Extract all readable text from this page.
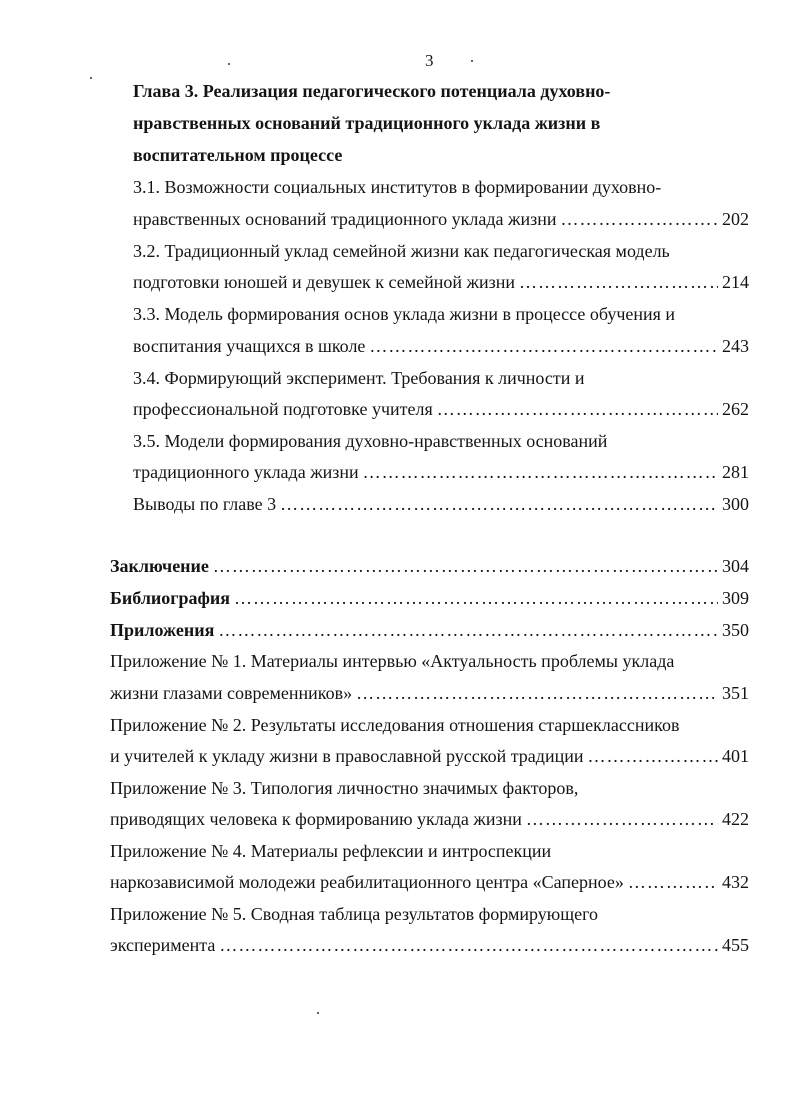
3
Глава 3. Реализация педагогического потенциала духовно-
нравственных оснований традиционного уклада жизни в
воспитательном процессе
3.1. Возможности социальных институтов в формировании духовно-
нравственных оснований традиционного уклада жизни ……………………………………………………………………………………………………………………………………………………	202
3.2. Традиционный уклад семейной жизни как педагогическая модель
подготовки юношей и девушек к семейной жизни ……………………………………………………………………………………………………………………………………………………	214
3.3. Модель формирования основ уклада жизни в процессе обучения и
воспитания учащихся в школе ……………………………………………………………………………………………………………………………………………………	243
3.4. Формирующий эксперимент. Требования к личности и
профессиональной подготовке учителя ……………………………………………………………………………………………………………………………………………………	262
3.5. Модели формирования духовно-нравственных оснований
традиционного уклада жизни ……………………………………………………………………………………………………………………………………………………	281
Выводы по главе 3 ……………………………………………………………………………………………………………………………………………………	300
Заключение ……………………………………………………………………………………………………………………………………………………	304
Библиография ……………………………………………………………………………………………………………………………………………………	309
Приложения ……………………………………………………………………………………………………………………………………………………	350
Приложение № 1. Материалы интервью «Актуальность проблемы уклада
жизни глазами современников» ……………………………………………………………………………………………………………………………………………………	351
Приложение № 2. Результаты исследования отношения старшеклассников
и учителей к укладу жизни в православной русской традиции ……………………………………………………………………………………………………………………………………………………	401
Приложение № 3. Типология личностно значимых факторов,
приводящих человека к формированию уклада жизни ……………………………………………………………………………………………………………………………………………………	422
Приложение № 4. Материалы рефлексии и интроспекции
наркозависимой молодежи реабилитационного центра «Саперное» ……………………………………………………………………………………………………………………………………………………	432
Приложение № 5. Сводная таблица результатов формирующего
эксперимента ……………………………………………………………………………………………………………………………………………………	455
